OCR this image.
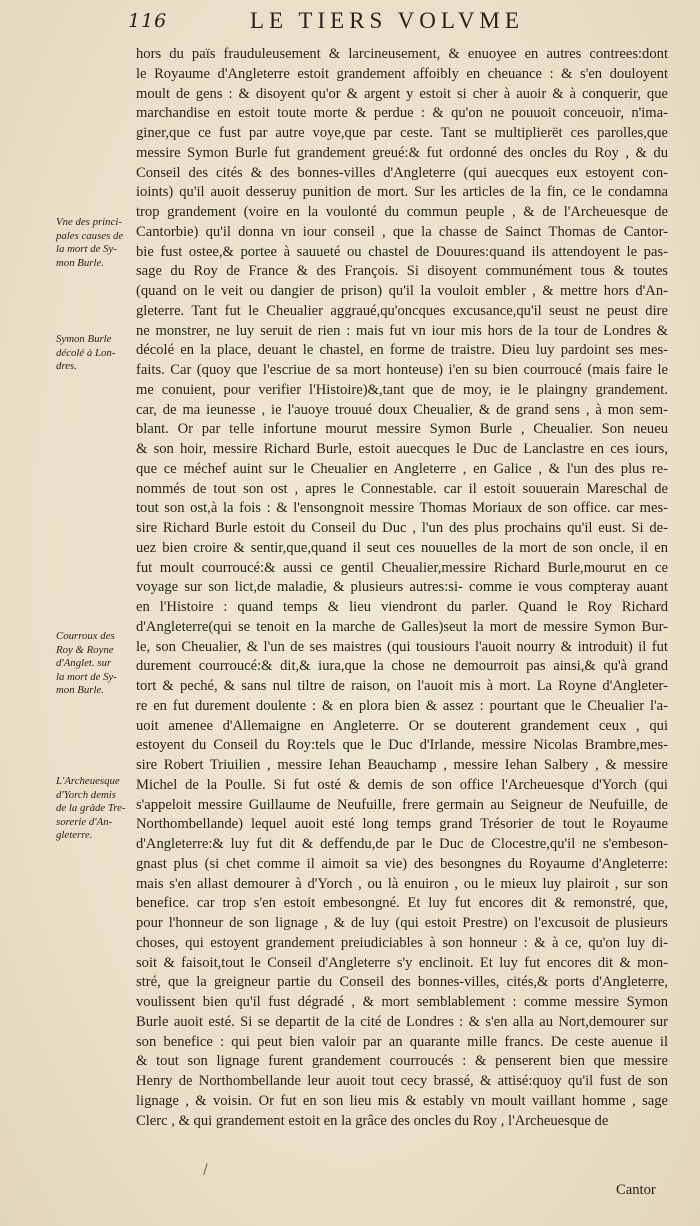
116	LE TIERS VOLVME
hors du païs frauduleusement & larcineusement, & enuoyee en autres contrees:dont
le Royaume d'Angleterre estoit grandement affoibly en cheuance : & s'en douloyent
moult de gens : & disoyent qu'or & argent y estoit si cher à auoir & à conquerir, que
marchandise en estoit toute morte & perdue : & qu'on ne pouuoit conceuoir, n'ima-
giner,que ce fust par autre voye,que par ceste. Tant se multiplierët ces parolles,que
messire Symon Burle fut grandement greué:& fut ordonné des oncles du Roy , & du
Conseil des cités & des bonnes-villes d'Angleterre (qui auecques eux estoyent con-
ioints) qu'il auoit desseruy punition de mort. Sur les articles de la fin, ce le condamna
trop grandement (voire en la voulonté du commun peuple , & de l'Archeuesque de
Cantorbie) qu'il donna vn iour conseil , que la chasse de Sainct Thomas de Cantor-
bie fust ostee,& portee à sauueté ou chastel de Douures:quand ils attendoyent le pas-
sage du Roy de France & des François. Si disoyent communément tous & toutes
(quand on le veit ou dangier de prison) qu'il la vouloit embler , & mettre hors d'An-
gleterre. Tant fut le Cheualier aggraué,qu'oncques excusance,qu'il seust ne peust dire
ne monstrer, ne luy seruit de rien : mais fut vn iour mis hors de la tour de Londres &
décolé en la place, deuant le chastel, en forme de traistre. Dieu luy pardoint ses mes-
faits. Car (quoy que l'escriue de sa mort honteuse) i'en su bien courroucé (mais faire le
me conuient, pour verifier l'Histoire)&,tant que de moy, ie le plaingny grandement.
car, de ma ieunesse , ie l'auoye trouué doux Cheualier, & de grand sens , à mon sem-
blant. Or par telle infortune mourut messire Symon Burle , Cheualier. Son neueu
& son hoir, messire Richard Burle, estoit auecques le Duc de Lanclastre en ces iours,
que ce méchef auint sur le Cheualier en Angleterre , en Galice , & l'un des plus re-
nommés de tout son ost , apres le Connestable. car il estoit souuerain Mareschal de
tout son ost,à la fois : & l'ensongnoit messire Thomas Moriaux de son office. car mes-
sire Richard Burle estoit du Conseil du Duc , l'un des plus prochains qu'il eust. Si de-
uez bien croire & sentir,que,quand il seut ces nouuelles de la mort de son oncle, il en
fut moult courroucé:& aussi ce gentil Cheualier,messire Richard Burle,mourut en ce
voyage sur son lict,de maladie, & plusieurs autres:si- comme ie vous compteray auant
en l'Histoire : quand temps & lieu viendront du parler. Quand le Roy Richard
d'Angleterre(qui se tenoit en la marche de Galles)seut la mort de messire Symon Bur-
le, son Cheualier, & l'un de ses maistres (qui tousiours l'auoit nourry & introduit) il fut
durement courroucé:& dit,& iura,que la chose ne demourroit pas ainsi,& qu'à grand
tort & peché, & sans nul tiltre de raison, on l'auoit mis à mort. La Royne d'Angleter-
re en fut durement doulente : & en plora bien & assez : pourtant que le Cheualier l'a-
uoit amenee d'Allemaigne en Angleterre. Or se douterent grandement ceux , qui
estoyent du Conseil du Roy:tels que le Duc d'Irlande, messire Nicolas Brambre,mes-
sire Robert Triuilien , messire Iehan Beauchamp , messire Iehan Salbery , & messire
Michel de la Poulle. Si fut osté & demis de son office l'Archeuesque d'Yorch (qui
s'appeloit messire Guillaume de Neufuille, frere germain au Seigneur de Neufuille, de
Northombellande) lequel auoit esté long temps grand Trésorier de tout le Royaume
d'Angleterre:& luy fut dit & deffendu,de par le Duc de Clocestre,qu'il ne s'embeson-
gnast plus (si chet comme il aimoit sa vie) des besongnes du Royaume d'Angleterre:
mais s'en allast demourer à d'Yorch , ou là enuiron , ou le mieux luy plairoit , sur son
benefice. car trop s'en estoit embesongné. Et luy fut encores dit & remonstré, que,
pour l'honneur de son lignage , & de luy (qui estoit Prestre) on l'excusoit de plusieurs
choses, qui estoyent grandement preiudiciables à son honneur : & à ce, qu'on luy di-
soit & faisoit,tout le Conseil d'Angleterre s'y enclinoit. Et luy fut encores dit & mon-
stré, que la greigneur partie du Conseil des bonnes-villes, cités,& ports d'Angleterre,
voulissent bien qu'il fust dégradé , & mort semblablement : comme messire Symon
Burle auoit esté. Si se departit de la cité de Londres : & s'en alla au Nort,demourer sur
son benefice : qui peut bien valoir par an quarante mille francs. De ceste auenue il
& tout son lignage furent grandement courroucés : & penserent bien que messire
Henry de Northombellande leur auoit tout cecy brassé, & attisé:quoy qu'il fust de son
lignage , & voisin. Or fut en son lieu mis & estably vn moult vaillant homme , sage
Clerc , & qui grandement estoit en la grâce des oncles du Roy , l'Archeuesque de
Vne des princi-
pales causes de
la mort de Sy-
mon Burle.
Symon Burle
décolé à Lon-
dres.
Courroux des
Roy & Royne
d'Anglet. sur
la mort de Sy-
mon Burle.
L'Archeuesque
d'Yorch demis
de la grâde Tre-
sorerie d'An-
gleterre.
/
Cantor
